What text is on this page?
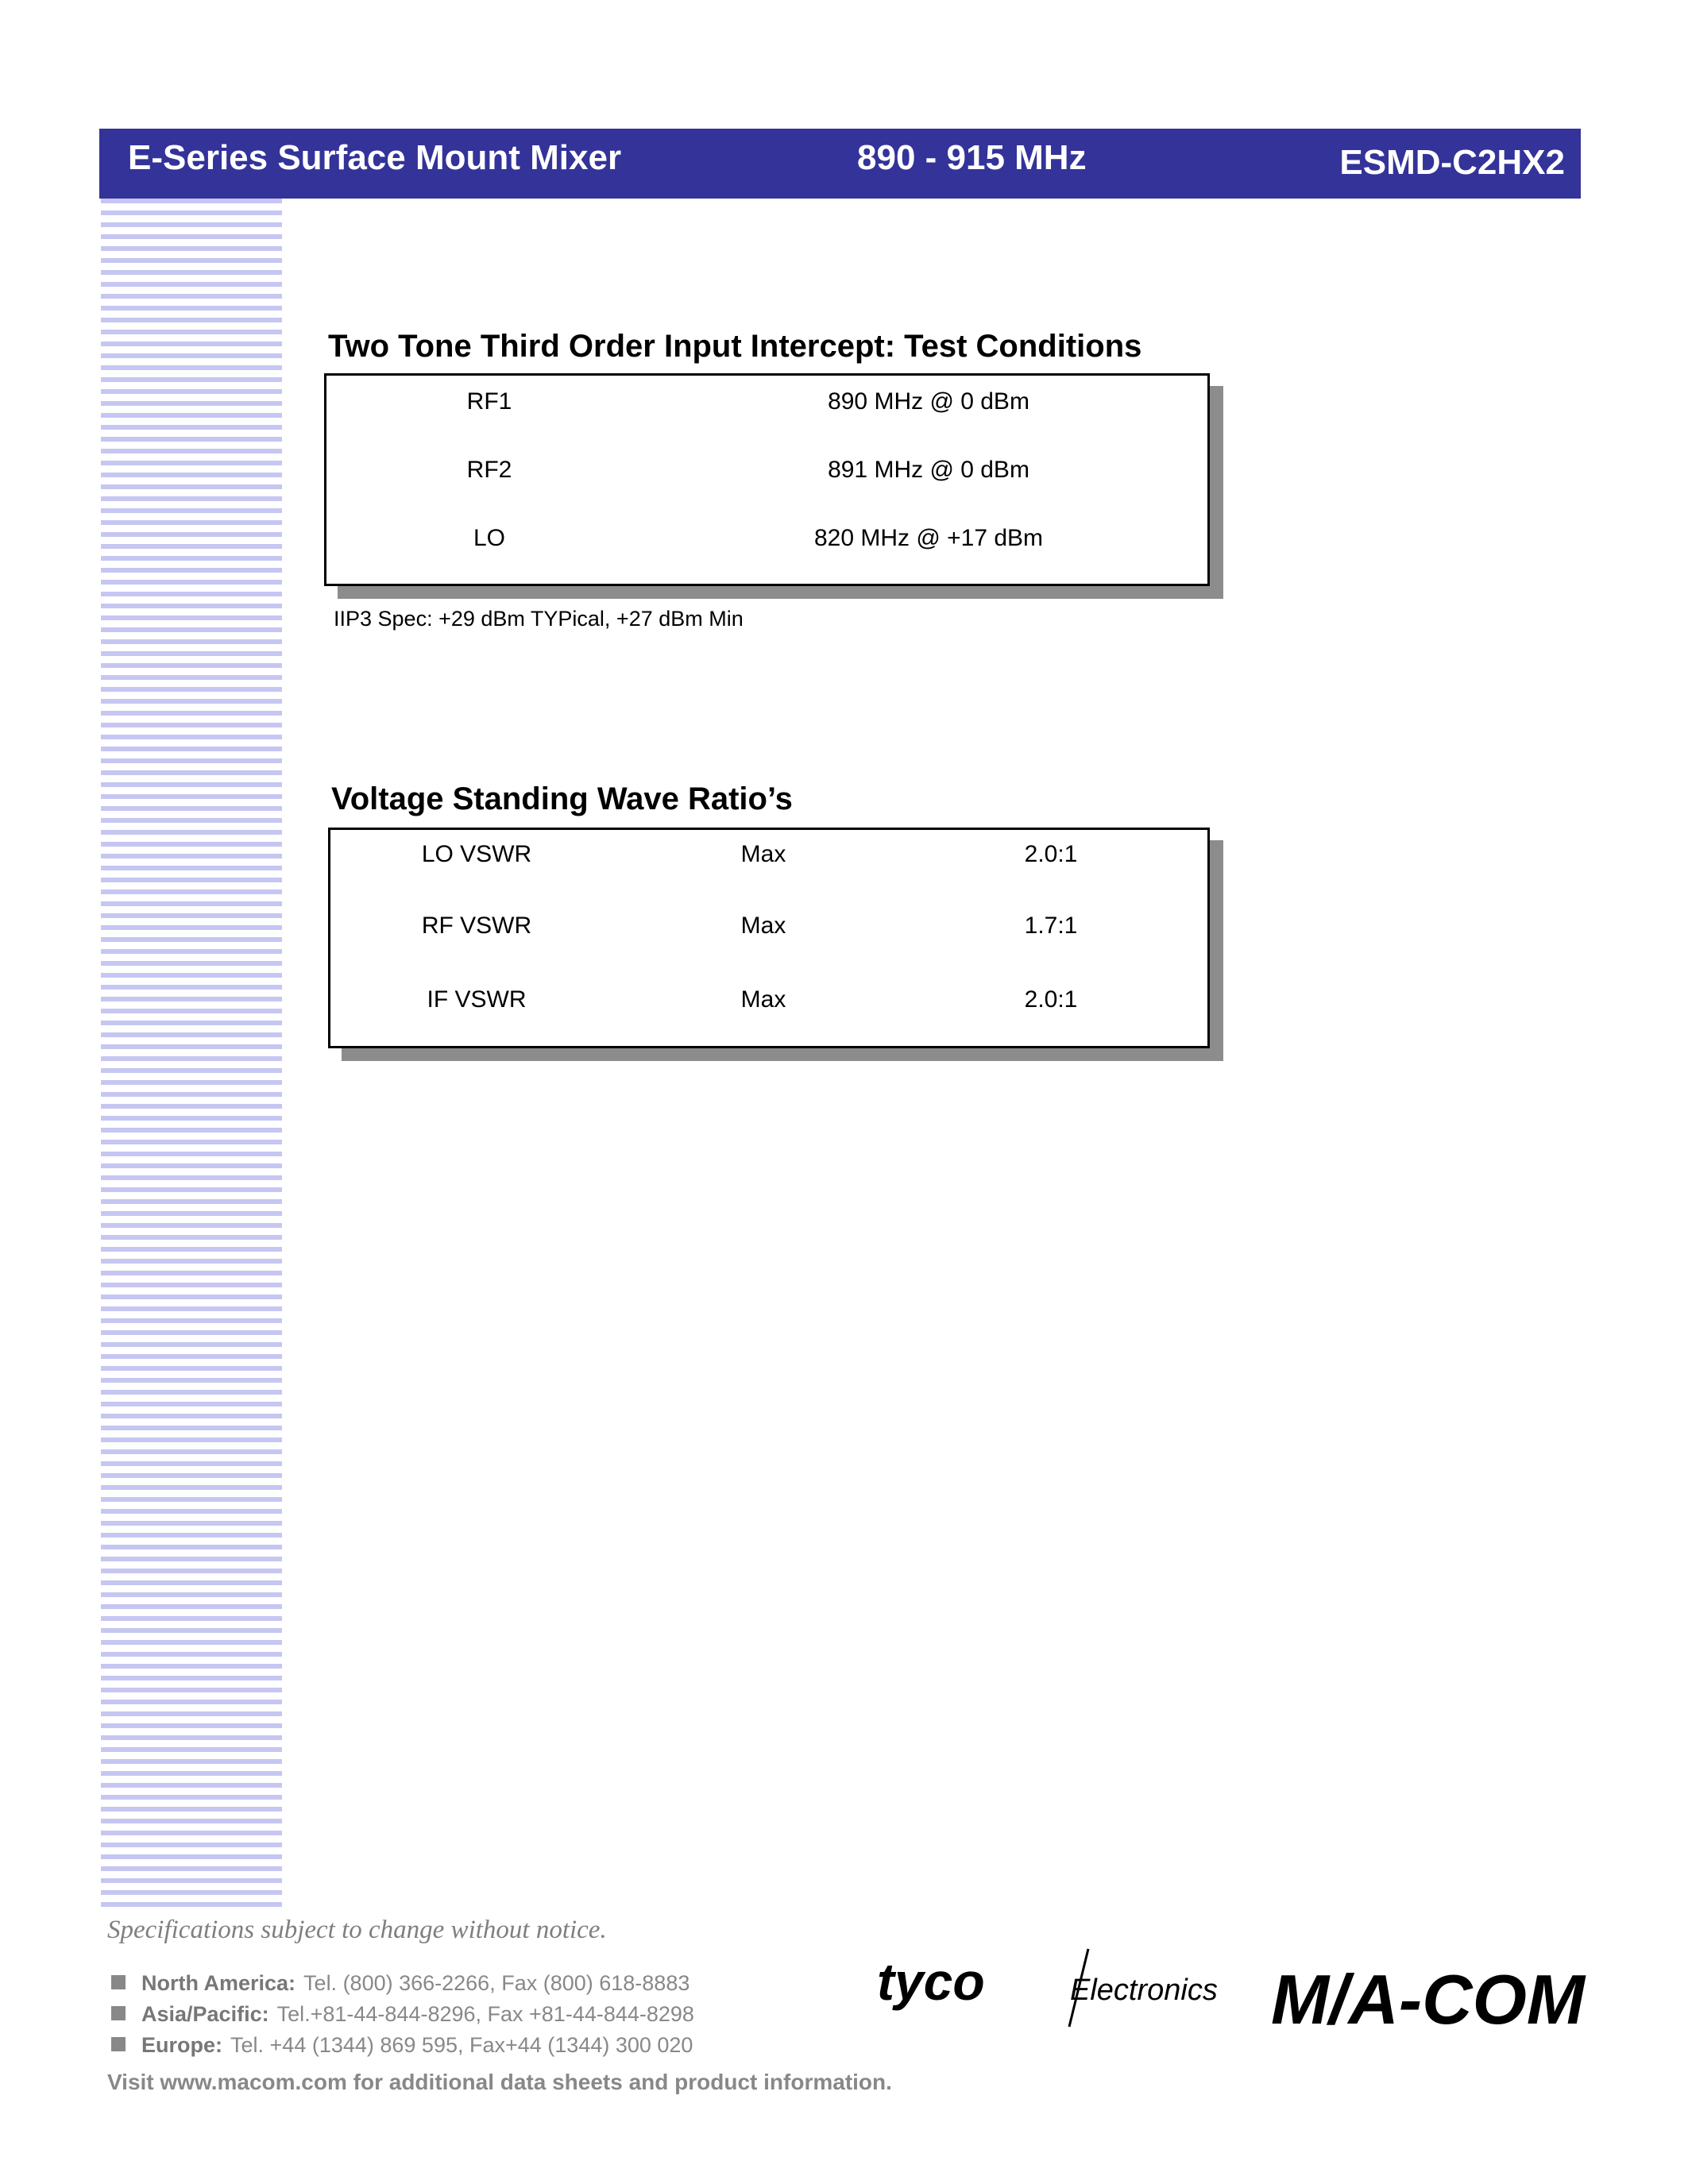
E-Series Surface Mount Mixer	890 - 915 MHz	ESMD-C2HX2
Two Tone Third Order Input Intercept: Test Conditions
RF1	890 MHz @ 0 dBm
RF2	891 MHz @ 0 dBm
LO	820 MHz @ +17 dBm
IIP3 Spec: +29 dBm TYPical, +27 dBm Min
Voltage Standing Wave Ratio’s
LO VSWR	Max	2.0:1
RF VSWR	Max	1.7:1
IF VSWR	Max	2.0:1
Specifications subject to change without notice.
North America: Tel. (800) 366-2266, Fax (800) 618-8883
Asia/Pacific: Tel.+81-44-844-8296, Fax +81-44-844-8298
Europe: Tel. +44 (1344) 869 595, Fax+44 (1344) 300 020
Visit www.macom.com for additional data sheets and product information.
tyco	Electronics M/A-COM
